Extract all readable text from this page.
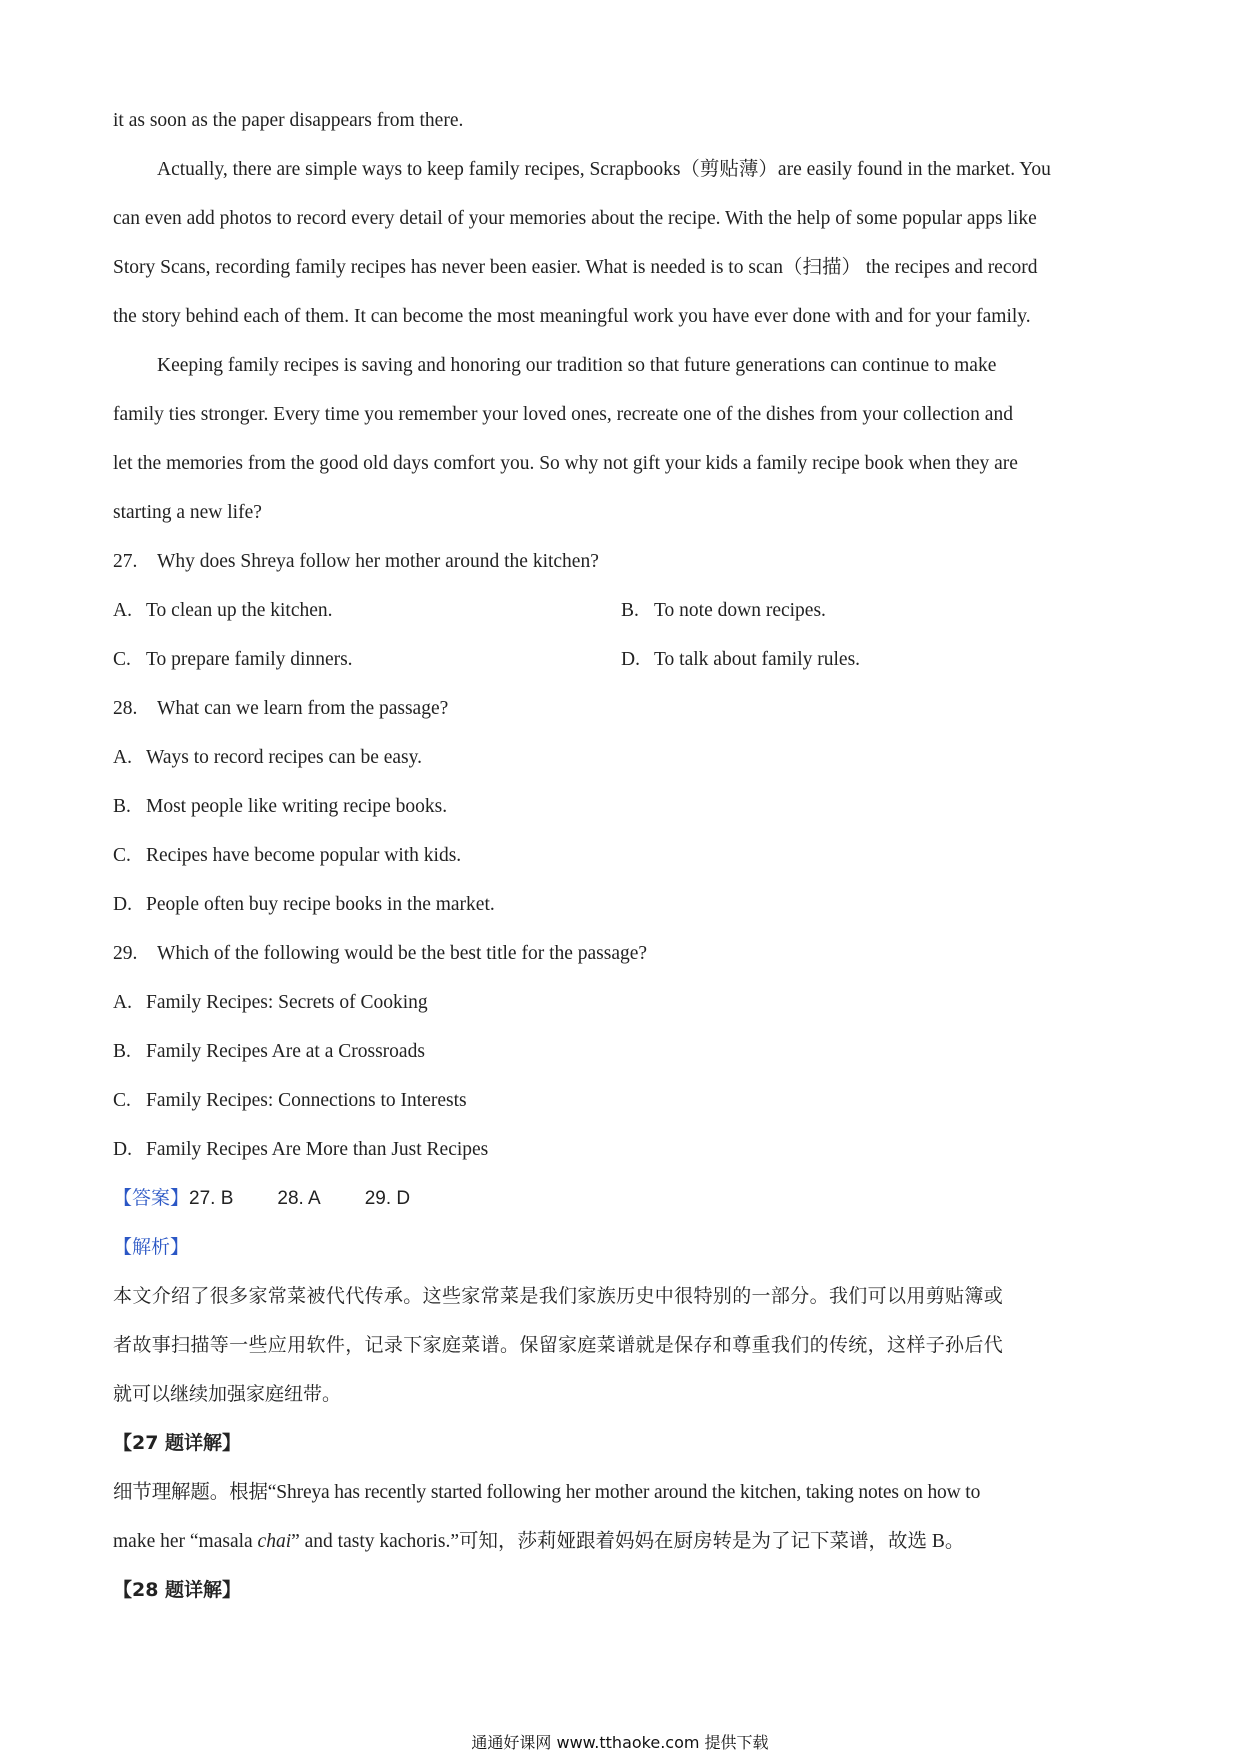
it as soon as the paper disappears from there.

Actually, there are simple ways to keep family recipes, Scrapbooks（剪贴薄）are easily found in the market. You

can even add photos to record every detail of your memories about the recipe. With the help of some popular apps like

Story Scans, recording family recipes has never been easier. What is needed is to scan（扫描） the recipes and record

the story behind each of them. It can become the most meaningful work you have ever done with and for your family.

Keeping family recipes is saving and honoring our tradition so that future generations can continue to make

family ties stronger. Every time you remember your loved ones, recreate one of the dishes from your collection and

let the memories from the good old days comfort you. So why not gift your kids a family recipe book when they are

starting a new life?

27.	Why does Shreya follow her mother around the kitchen?
A. To clean up the kitchen.	B. To note down recipes.
C. To prepare family dinners.	D. To talk about family rules.
28.	What can we learn from the passage?
A. Ways to record recipes can be easy.
B. Most people like writing recipe books.
C. Recipes have become popular with kids.
D. People often buy recipe books in the market.
29.	Which of the following would be the best title for the passage?
A. Family Recipes: Secrets of Cooking
B. Family Recipes Are at a Crossroads
C. Family Recipes: Connections to Interests
D. Family Recipes Are More than Just Recipes
【答案】27. B 28. A 29. D
【解析】
本文介绍了很多家常菜被代代传承。这些家常菜是我们家族历史中很特别的一部分。我们可以用剪贴簿或
者故事扫描等一些应用软件，记录下家庭菜谱。保留家庭菜谱就是保存和尊重我们的传统，这样子孙后代
就可以继续加强家庭纽带。
【27 题详解】
细节理解题。根据“Shreya has recently started following her mother around the kitchen, taking notes on how to
make her “masala chai” and tasty kachoris.”可知，莎莉娅跟着妈妈在厨房转是为了记下菜谱，故选 B。
【28 题详解】
通通好课网 www.tthaoke.com 提供下载
